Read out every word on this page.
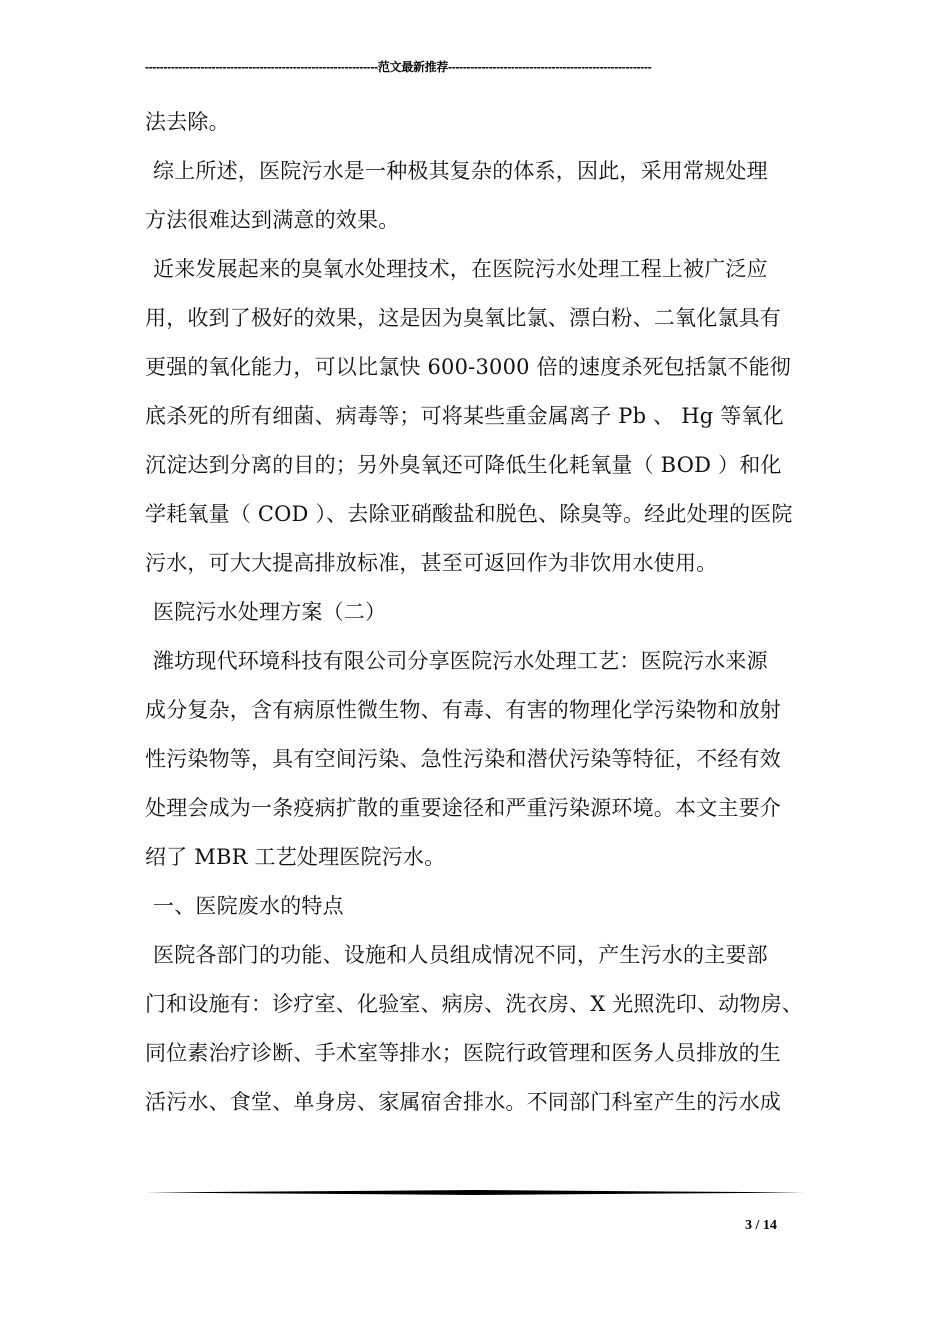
---------------------------------------------------------------范文最新推荐-------------------------------------------------------
法去除。
综上所述，医院污水是一种极其复杂的体系，因此，采用常规处理
方法很难达到满意的效果。
近来发展起来的臭氧水处理技术，在医院污水处理工程上被广泛应
用，收到了极好的效果，这是因为臭氧比氯、漂白粉、二氧化氯具有
更强的氧化能力，可以比氯快 600-3000 倍的速度杀死包括氯不能彻
底杀死的所有细菌、病毒等；可将某些重金属离子 Pb 、 Hg 等氧化
沉淀达到分离的目的；另外臭氧还可降低生化耗氧量（ BOD ）和化
学耗氧量（ COD ）、去除亚硝酸盐和脱色、除臭等。经此处理的医院
污水，可大大提高排放标准，甚至可返回作为非饮用水使用。
医院污水处理方案（二）
潍坊现代环境科技有限公司分享医院污水处理工艺：医院污水来源
成分复杂，含有病原性微生物、有毒、有害的物理化学污染物和放射
性污染物等，具有空间污染、急性污染和潜伏污染等特征，不经有效
处理会成为一条疫病扩散的重要途径和严重污染源环境。本文主要介
绍了 MBR 工艺处理医院污水。
一、医院废水的特点
医院各部门的功能、设施和人员组成情况不同，产生污水的主要部
门和设施有：诊疗室、化验室、病房、洗衣房、X 光照洗印、动物房、
同位素治疗诊断、手术室等排水；医院行政管理和医务人员排放的生
活污水、食堂、单身房、家属宿舍排水。不同部门科室产生的污水成
3 / 14
